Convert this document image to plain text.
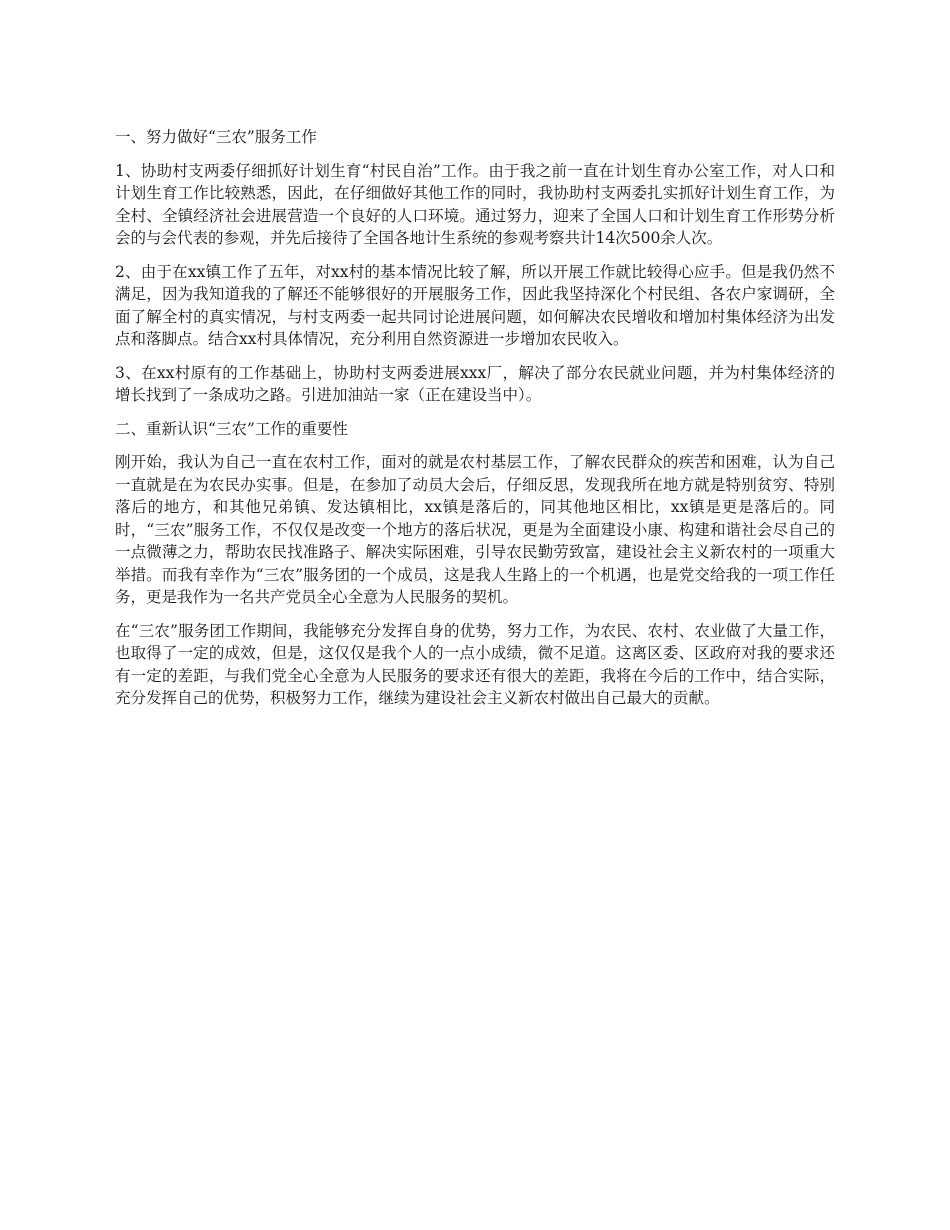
一、努力做好“三农”服务工作

1、协助村支两委仔细抓好计划生育“村民自治”工作。由于我之前一直在计划生育办公室工作，对人口和计划生育工作比较熟悉，因此，在仔细做好其他工作的同时，我协助村支两委扎实抓好计划生育工作，为全村、全镇经济社会进展营造一个良好的人口环境。通过努力，迎来了全国人口和计划生育工作形势分析会的与会代表的参观，并先后接待了全国各地计生系统的参观考察共计14次500余人次。

2、由于在xx镇工作了五年，对xx村的基本情况比较了解，所以开展工作就比较得心应手。但是我仍然不满足，因为我知道我的了解还不能够很好的开展服务工作，因此我坚持深化个村民组、各农户家调研，全面了解全村的真实情况，与村支两委一起共同讨论进展问题，如何解决农民增收和增加村集体经济为出发点和落脚点。结合xx村具体情况，充分利用自然资源进一步增加农民收入。

3、在xx村原有的工作基础上，协助村支两委进展xxx厂，解决了部分农民就业问题，并为村集体经济的增长找到了一条成功之路。引进加油站一家（正在建设当中）。

二、重新认识“三农”工作的重要性

刚开始，我认为自己一直在农村工作，面对的就是农村基层工作，了解农民群众的疾苦和困难，认为自己一直就是在为农民办实事。但是，在参加了动员大会后，仔细反思，发现我所在地方就是特别贫穷、特别落后的地方，和其他兄弟镇、发达镇相比，xx镇是落后的，同其他地区相比，xx镇是更是落后的。同时，“三农”服务工作，不仅仅是改变一个地方的落后状况，更是为全面建设小康、构建和谐社会尽自己的一点微薄之力，帮助农民找准路子、解决实际困难，引导农民勤劳致富，建设社会主义新农村的一项重大举措。而我有幸作为“三农”服务团的一个成员，这是我人生路上的一个机遇，也是党交给我的一项工作任务，更是我作为一名共产党员全心全意为人民服务的契机。

在“三农”服务团工作期间，我能够充分发挥自身的优势，努力工作，为农民、农村、农业做了大量工作，也取得了一定的成效，但是，这仅仅是我个人的一点小成绩，微不足道。这离区委、区政府对我的要求还有一定的差距，与我们党全心全意为人民服务的要求还有很大的差距，我将在今后的工作中，结合实际，充分发挥自己的优势，积极努力工作，继续为建设社会主义新农村做出自己最大的贡献。
